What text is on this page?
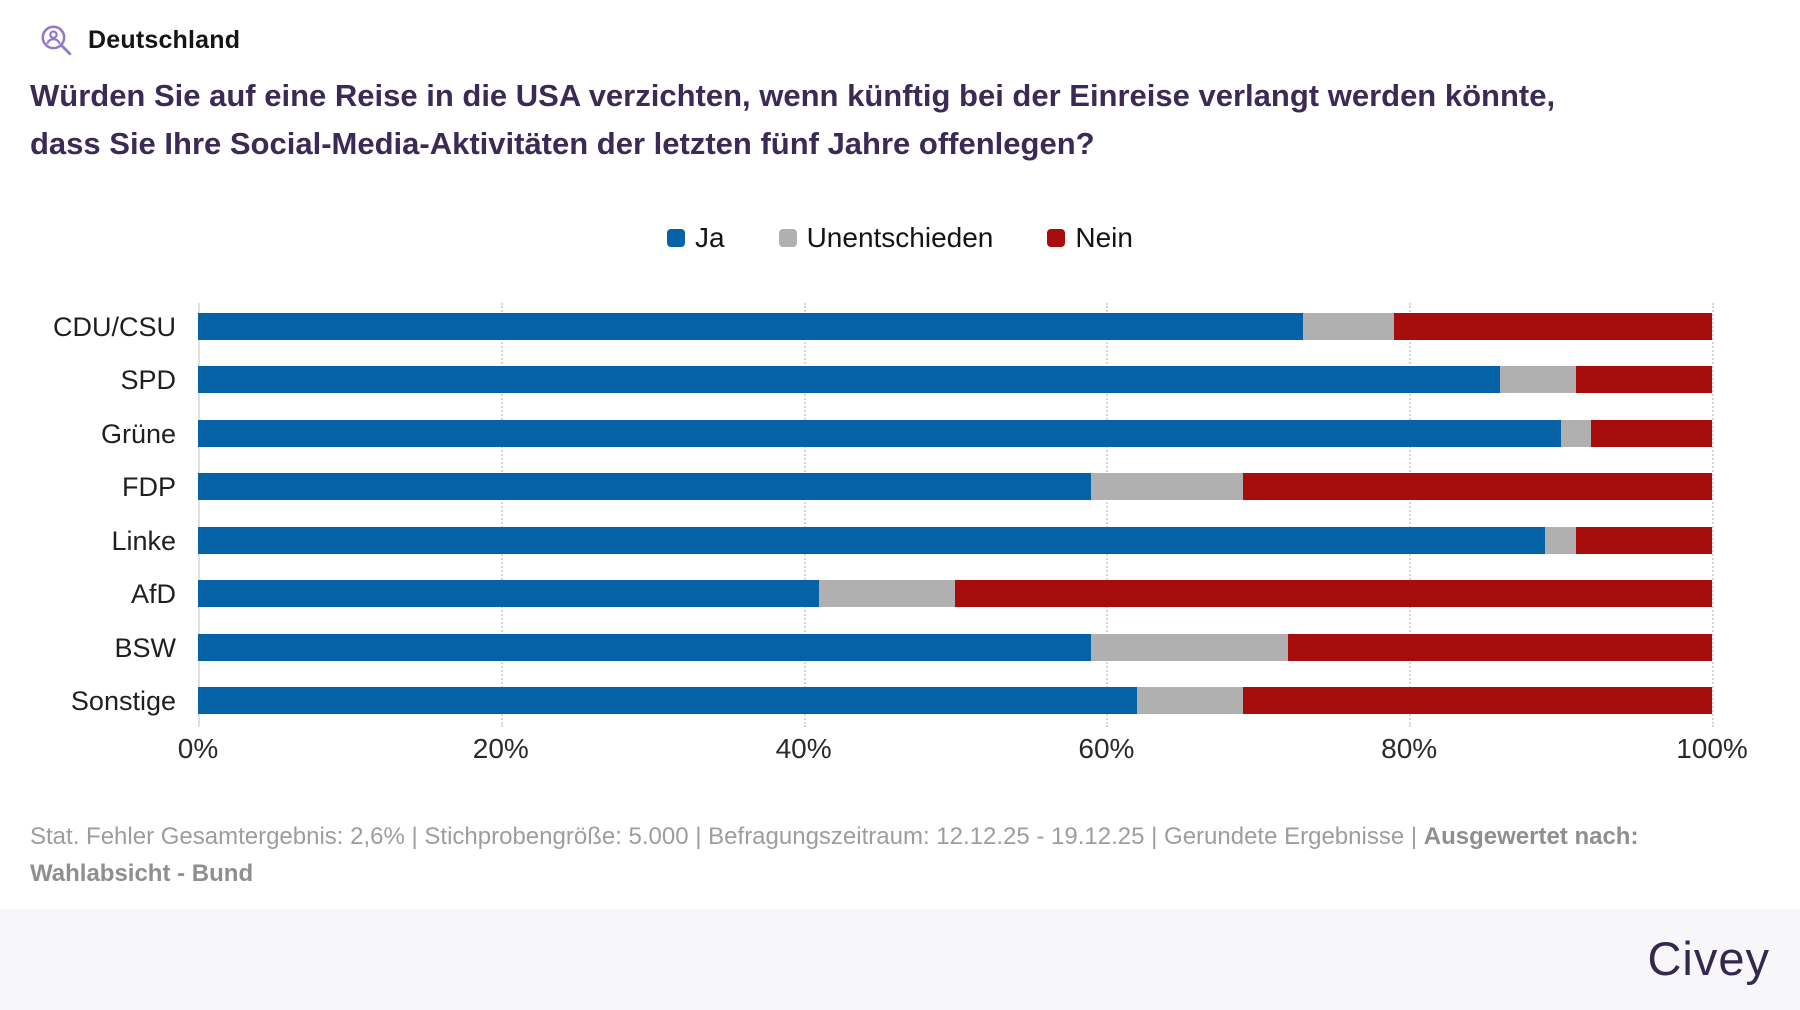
Deutschland
Würden Sie auf eine Reise in die USA verzichten, wenn künftig bei der Einreise verlangt werden könnte, dass Sie Ihre Social-Media-Aktivitäten der letzten fünf Jahre offenlegen?
Ja	Unentschieden	Nein
CDU/CSU
SPD
Grüne
FDP
Linke
AfD
BSW
Sonstige
0%	20%	40%	60%	80%	100%
Stat. Fehler Gesamtergebnis: 2,6% | Stichprobengröße: 5.000 | Befragungszeitraum: 12.12.25 - 19.12.25 | Gerundete Ergebnisse | Ausgewertet nach: Wahlabsicht - Bund
Civey
